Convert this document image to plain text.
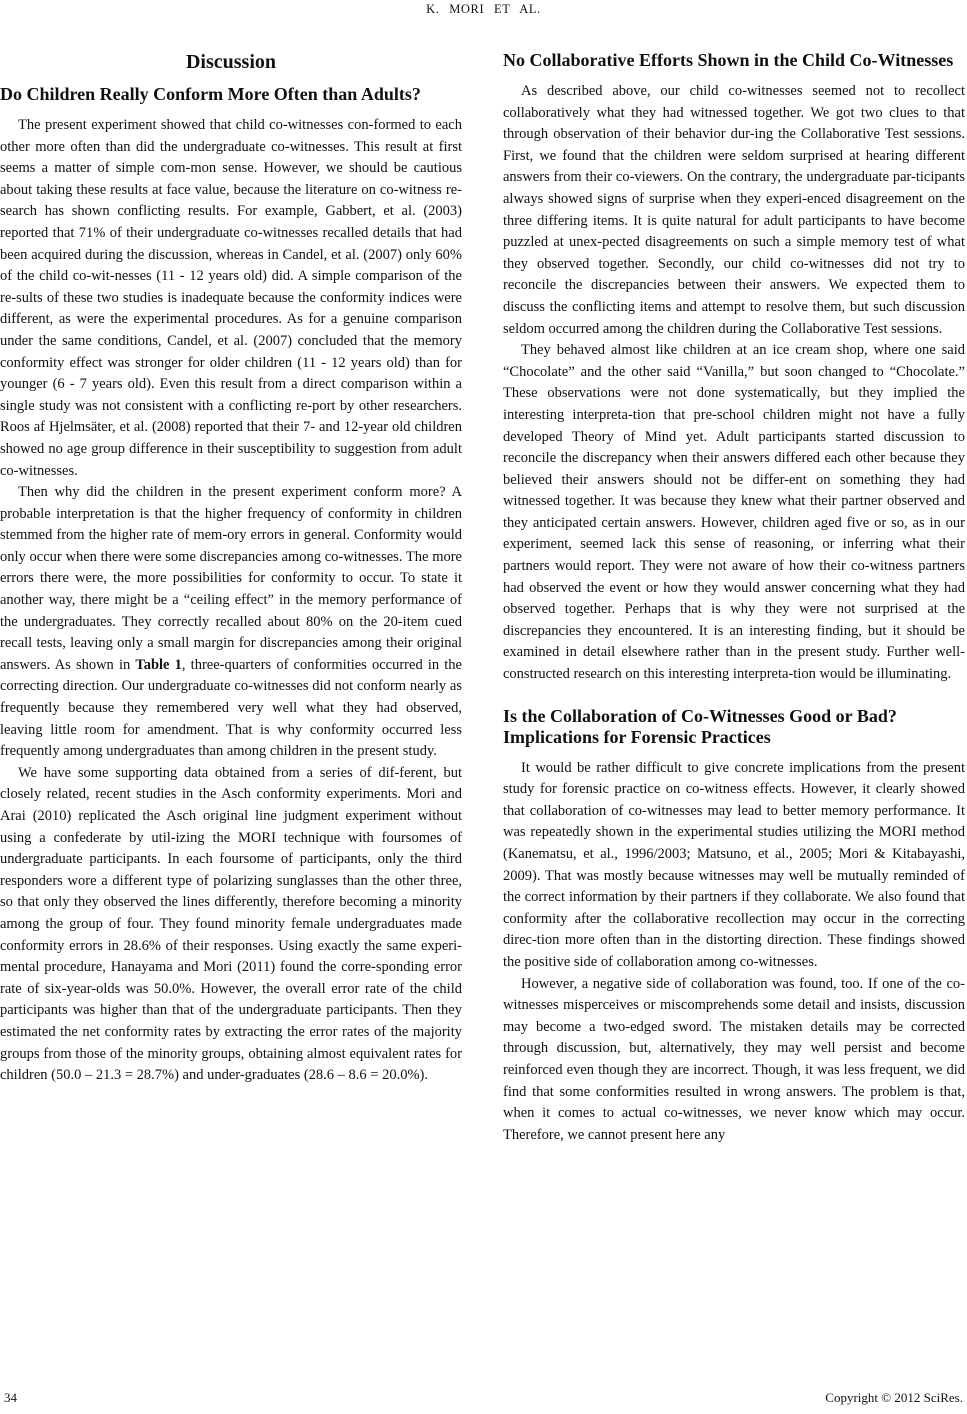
K. MORI ET AL.
Discussion
Do Children Really Conform More Often than Adults?

The present experiment showed that child co-witnesses con-formed to each other more often than did the undergraduate co-witnesses. This result at first seems a matter of simple com-mon sense. However, we should be cautious about taking these results at face value, because the literature on co-witness re-search has shown conflicting results. For example, Gabbert, et al. (2003) reported that 71% of their undergraduate co-witnesses recalled details that had been acquired during the discussion, whereas in Candel, et al. (2007) only 60% of the child co-wit-nesses (11 - 12 years old) did. A simple comparison of the re-sults of these two studies is inadequate because the conformity indices were different, as were the experimental procedures. As for a genuine comparison under the same conditions, Candel, et al. (2007) concluded that the memory conformity effect was stronger for older children (11 - 12 years old) than for younger (6 - 7 years old). Even this result from a direct comparison within a single study was not consistent with a conflicting re-port by other researchers. Roos af Hjelmsäter, et al. (2008) reported that their 7- and 12-year old children showed no age group difference in their susceptibility to suggestion from adult co-witnesses.

Then why did the children in the present experiment conform more? A probable interpretation is that the higher frequency of conformity in children stemmed from the higher rate of mem-ory errors in general. Conformity would only occur when there were some discrepancies among co-witnesses. The more errors there were, the more possibilities for conformity to occur. To state it another way, there might be a “ceiling effect” in the memory performance of the undergraduates. They correctly recalled about 80% on the 20-item cued recall tests, leaving only a small margin for discrepancies among their original answers. As shown in Table 1, three-quarters of conformities occurred in the correcting direction. Our undergraduate co-witnesses did not conform nearly as frequently because they remembered very well what they had observed, leaving little room for amendment. That is why conformity occurred less frequently among undergraduates than among children in the present study.

We have some supporting data obtained from a series of dif-ferent, but closely related, recent studies in the Asch conformity experiments. Mori and Arai (2010) replicated the Asch original line judgment experiment without using a confederate by util-izing the MORI technique with foursomes of undergraduate participants. In each foursome of participants, only the third responders wore a different type of polarizing sunglasses than the other three, so that only they observed the lines differently, therefore becoming a minority among the group of four. They found minority female undergraduates made conformity errors in 28.6% of their responses. Using exactly the same experi-mental procedure, Hanayama and Mori (2011) found the corre-sponding error rate of six-year-olds was 50.0%. However, the overall error rate of the child participants was higher than that of the undergraduate participants. Then they estimated the net conformity rates by extracting the error rates of the majority groups from those of the minority groups, obtaining almost equivalent rates for children (50.0 – 21.3 = 28.7%) and under-graduates (28.6 – 8.6 = 20.0%).

No Collaborative Efforts Shown in the Child Co-Witnesses

As described above, our child co-witnesses seemed not to recollect collaboratively what they had witnessed together. We got two clues to that through observation of their behavior dur-ing the Collaborative Test sessions. First, we found that the children were seldom surprised at hearing different answers from their co-viewers. On the contrary, the undergraduate par-ticipants always showed signs of surprise when they experi-enced disagreement on the three differing items. It is quite natural for adult participants to have become puzzled at unex-pected disagreements on such a simple memory test of what they observed together. Secondly, our child co-witnesses did not try to reconcile the discrepancies between their answers. We expected them to discuss the conflicting items and attempt to resolve them, but such discussion seldom occurred among the children during the Collaborative Test sessions.

They behaved almost like children at an ice cream shop, where one said “Chocolate” and the other said “Vanilla,” but soon changed to “Chocolate.” These observations were not done systematically, but they implied the interesting interpreta-tion that pre-school children might not have a fully developed Theory of Mind yet. Adult participants started discussion to reconcile the discrepancy when their answers differed each other because they believed their answers should not be differ-ent on something they had witnessed together. It was because they knew what their partner observed and they anticipated certain answers. However, children aged five or so, as in our experiment, seemed lack this sense of reasoning, or inferring what their partners would report. They were not aware of how their co-witness partners had observed the event or how they would answer concerning what they had observed together. Perhaps that is why they were not surprised at the discrepancies they encountered. It is an interesting finding, but it should be examined in detail elsewhere rather than in the present study. Further well-constructed research on this interesting interpreta-tion would be illuminating.

Is the Collaboration of Co-Witnesses Good or Bad? Implications for Forensic Practices

It would be rather difficult to give concrete implications from the present study for forensic practice on co-witness effects. However, it clearly showed that collaboration of co-witnesses may lead to better memory performance. It was repeatedly shown in the experimental studies utilizing the MORI method (Kanematsu, et al., 1996/2003; Matsuno, et al., 2005; Mori & Kitabayashi, 2009). That was mostly because witnesses may well be mutually reminded of the correct information by their partners if they collaborate. We also found that conformity after the collaborative recollection may occur in the correcting direc-tion more often than in the distorting direction. These findings showed the positive side of collaboration among co-witnesses.

However, a negative side of collaboration was found, too. If one of the co-witnesses misperceives or miscomprehends some detail and insists, discussion may become a two-edged sword. The mistaken details may be corrected through discussion, but, alternatively, they may well persist and become reinforced even though they are incorrect. Though, it was less frequent, we did find that some conformities resulted in wrong answers. The problem is that, when it comes to actual co-witnesses, we never know which may occur. Therefore, we cannot present here any

34	Copyright © 2012 SciRes.
